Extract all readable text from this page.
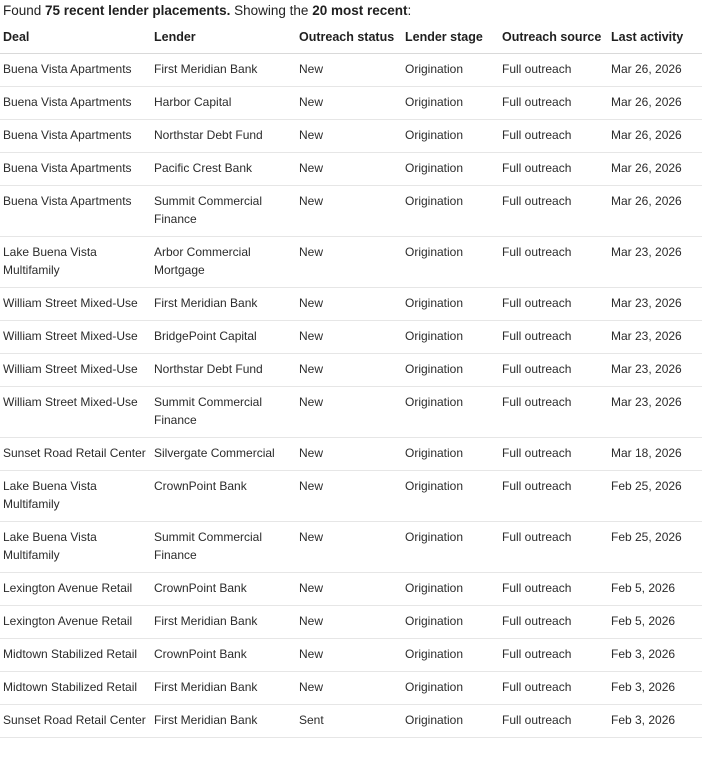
Found 75 recent lender placements. Showing the 20 most recent:
Deal	Lender	Outreach status	Lender stage	Outreach source	Last activity
Buena Vista Apartments	First Meridian Bank	New	Origination	Full outreach	Mar 26, 2026
Buena Vista Apartments	Harbor Capital	New	Origination	Full outreach	Mar 26, 2026
Buena Vista Apartments	Northstar Debt Fund	New	Origination	Full outreach	Mar 26, 2026
Buena Vista Apartments	Pacific Crest Bank	New	Origination	Full outreach	Mar 26, 2026
Buena Vista Apartments	Summit Commercial Finance	New	Origination	Full outreach	Mar 26, 2026
Lake Buena Vista Multifamily	Arbor Commercial Mortgage	New	Origination	Full outreach	Mar 23, 2026
William Street Mixed-Use	First Meridian Bank	New	Origination	Full outreach	Mar 23, 2026
William Street Mixed-Use	BridgePoint Capital	New	Origination	Full outreach	Mar 23, 2026
William Street Mixed-Use	Northstar Debt Fund	New	Origination	Full outreach	Mar 23, 2026
William Street Mixed-Use	Summit Commercial Finance	New	Origination	Full outreach	Mar 23, 2026
Sunset Road Retail Center	Silvergate Commercial	New	Origination	Full outreach	Mar 18, 2026
Lake Buena Vista Multifamily	CrownPoint Bank	New	Origination	Full outreach	Feb 25, 2026
Lake Buena Vista Multifamily	Summit Commercial Finance	New	Origination	Full outreach	Feb 25, 2026
Lexington Avenue Retail	CrownPoint Bank	New	Origination	Full outreach	Feb 5, 2026
Lexington Avenue Retail	First Meridian Bank	New	Origination	Full outreach	Feb 5, 2026
Midtown Stabilized Retail	CrownPoint Bank	New	Origination	Full outreach	Feb 3, 2026
Midtown Stabilized Retail	First Meridian Bank	New	Origination	Full outreach	Feb 3, 2026
Sunset Road Retail Center	First Meridian Bank	Sent	Origination	Full outreach	Feb 3, 2026
